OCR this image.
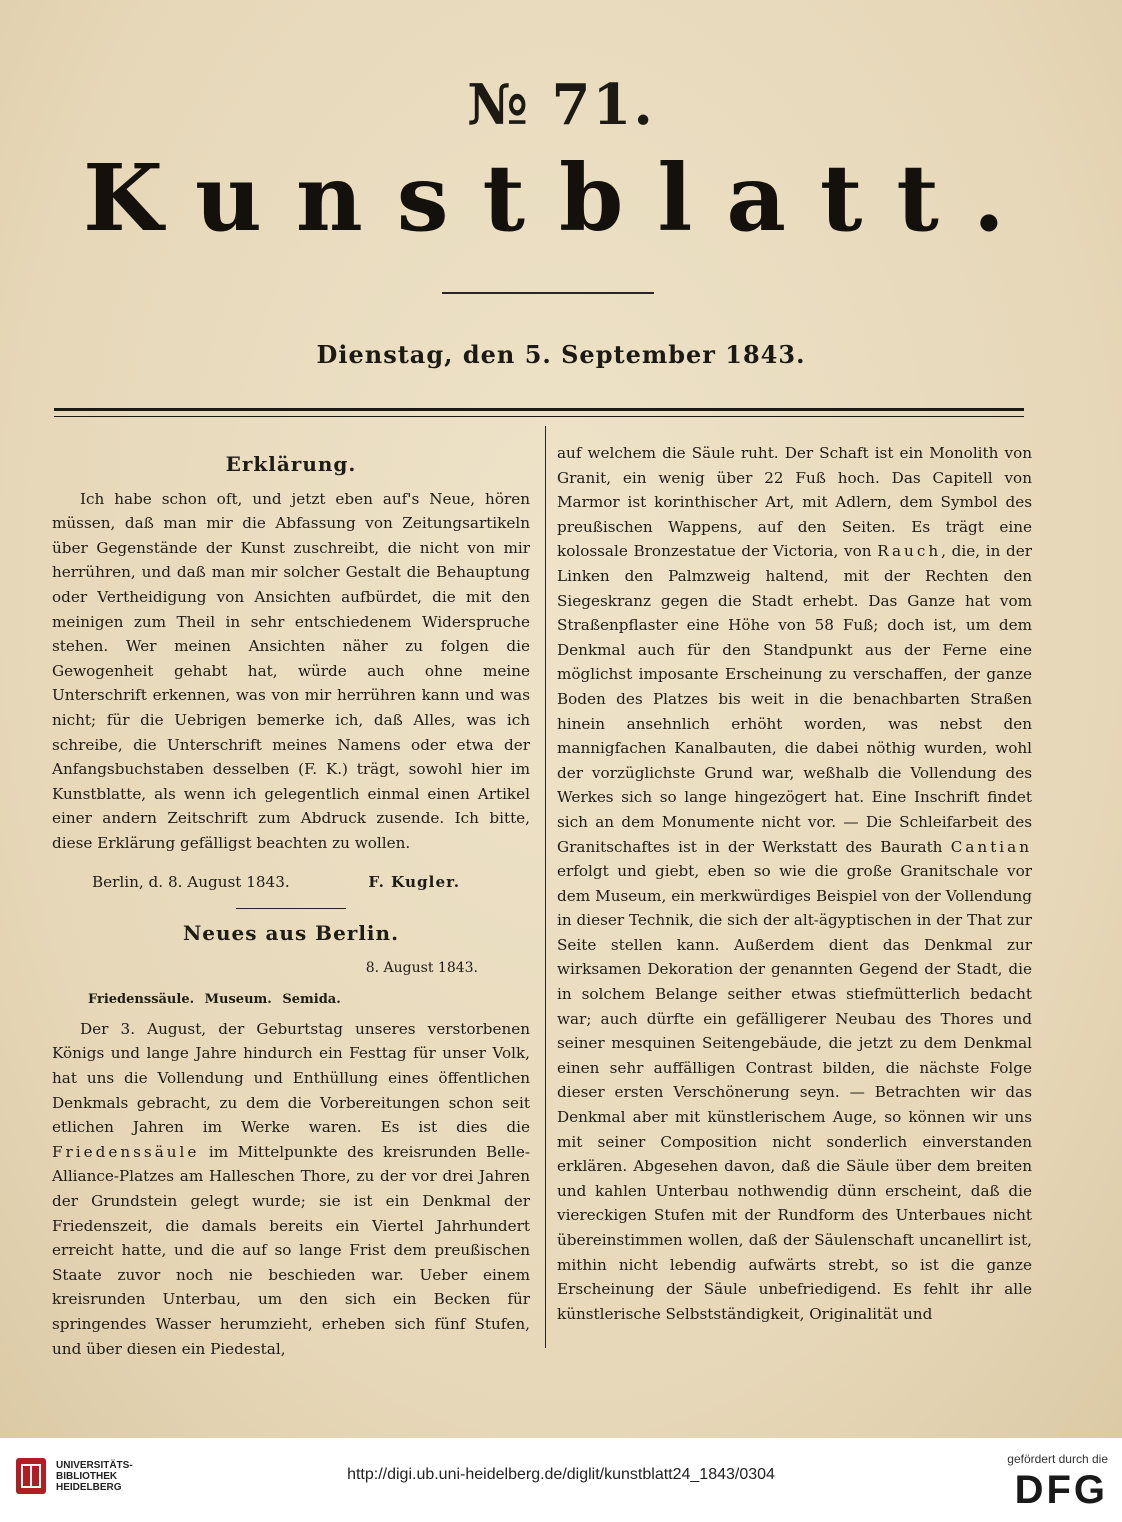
№ 71.
Kunstblatt.
Dienstag, den 5. September 1843.
Erklärung.

Ich habe schon oft, und jetzt eben auf's Neue, hören müssen, daß man mir die Abfassung von Zeitungsartikeln über Gegenstände der Kunst zuschreibt, die nicht von mir herrühren, und daß man mir solcher Gestalt die Behauptung oder Vertheidigung von Ansichten aufbürdet, die mit den meinigen zum Theil in sehr entschiedenem Widerspruche stehen. Wer meinen Ansichten näher zu folgen die Gewogenheit gehabt hat, würde auch ohne meine Unterschrift erkennen, was von mir herrühren kann und was nicht; für die Uebrigen bemerke ich, daß Alles, was ich schreibe, die Unterschrift meines Namens oder etwa der Anfangsbuchstaben desselben (F. K.) trägt, sowohl hier im Kunstblatte, als wenn ich gelegentlich einmal einen Artikel einer andern Zeitschrift zum Abdruck zusende. Ich bitte, diese Erklärung gefälligst beachten zu wollen.

Berlin, d. 8. August 1843.	F. Kugler.
Neues aus Berlin.
8. August 1843.
Friedenssäule. Museum. Semida.

Der 3. August, der Geburtstag unseres verstorbenen Königs und lange Jahre hindurch ein Festtag für unser Volk, hat uns die Vollendung und Enthüllung eines öffentlichen Denkmals gebracht, zu dem die Vorbereitungen schon seit etlichen Jahren im Werke waren. Es ist dies die Friedenssäule im Mittelpunkte des kreisrunden Belle-Alliance-Platzes am Halleschen Thore, zu der vor drei Jahren der Grundstein gelegt wurde; sie ist ein Denkmal der Friedenszeit, die damals bereits ein Viertel Jahrhundert erreicht hatte, und die auf so lange Frist dem preußischen Staate zuvor noch nie beschieden war. Ueber einem kreisrunden Unterbau, um den sich ein Becken für springendes Wasser herumzieht, erheben sich fünf Stufen, und über diesen ein Piedestal,

auf welchem die Säule ruht. Der Schaft ist ein Monolith von Granit, ein wenig über 22 Fuß hoch. Das Capitell von Marmor ist korinthischer Art, mit Adlern, dem Symbol des preußischen Wappens, auf den Seiten. Es trägt eine kolossale Bronzestatue der Victoria, von Rauch, die, in der Linken den Palmzweig haltend, mit der Rechten den Siegeskranz gegen die Stadt erhebt. Das Ganze hat vom Straßenpflaster eine Höhe von 58 Fuß; doch ist, um dem Denkmal auch für den Standpunkt aus der Ferne eine möglichst imposante Erscheinung zu verschaffen, der ganze Boden des Platzes bis weit in die benachbarten Straßen hinein ansehnlich erhöht worden, was nebst den mannigfachen Kanalbauten, die dabei nöthig wurden, wohl der vorzüglichste Grund war, weßhalb die Vollendung des Werkes sich so lange hingezögert hat. Eine Inschrift findet sich an dem Monumente nicht vor. — Die Schleifarbeit des Granitschaftes ist in der Werkstatt des Baurath Cantian erfolgt und giebt, eben so wie die große Granitschale vor dem Museum, ein merkwürdiges Beispiel von der Vollendung in dieser Technik, die sich der alt-ägyptischen in der That zur Seite stellen kann. Außerdem dient das Denkmal zur wirksamen Dekoration der genannten Gegend der Stadt, die in solchem Belange seither etwas stiefmütterlich bedacht war; auch dürfte ein gefälligerer Neubau des Thores und seiner mesquinen Seitengebäude, die jetzt zu dem Denkmal einen sehr auffälligen Contrast bilden, die nächste Folge dieser ersten Verschönerung seyn. — Betrachten wir das Denkmal aber mit künstlerischem Auge, so können wir uns mit seiner Composition nicht sonderlich einverstanden erklären. Abgesehen davon, daß die Säule über dem breiten und kahlen Unterbau nothwendig dünn erscheint, daß die viereckigen Stufen mit der Rundform des Unterbaues nicht übereinstimmen wollen, daß der Säulenschaft uncanellirt ist, mithin nicht lebendig aufwärts strebt, so ist die ganze Erscheinung der Säule unbefriedigend. Es fehlt ihr alle künstlerische Selbstständigkeit, Originalität und

UNIVERSITÄTS-
BIBLIOTHEK
HEIDELBERG
http://digi.ub.uni-heidelberg.de/diglit/kunstblatt24_1843/0304
gefördert durch die
DFG
